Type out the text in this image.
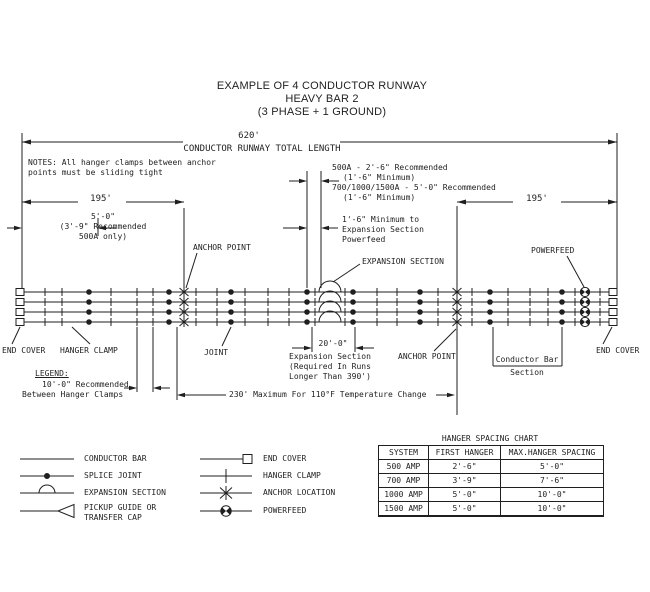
EXAMPLE OF 4 CONDUCTOR RUNWAY
HEAVY BAR 2
(3 PHASE + 1 GROUND)
620'
CONDUCTOR RUNWAY TOTAL LENGTH
NOTES: All hanger clamps between anchor
points must be sliding tight
195'	195'
5'-0"
(3'-9" Recommended
500A only)
500A - 2'-6" Recommended
(1'-6" Minimum)
700/1000/1500A - 5'-0" Recommended
(1'-6" Minimum)
1'-6" Minimum to
Expansion Section
Powerfeed
ANCHOR POINT
EXPANSION SECTION
POWERFEED
END COVER HANGER CLAMP	JOINT	ANCHOR POINT
END COVER
20'-0"
Expansion Section
(Required In Runs
Longer Than 390')
Conductor Bar
Section
LEGEND:
10'-0" Recommended
Between Hanger Clamps	230' Maximum For 110°F Temperature Change
CONDUCTOR BAR
SPLICE JOINT
EXPANSION SECTION
PICKUP GUIDE OR
TRANSFER CAP
END COVER
HANGER CLAMP
ANCHOR LOCATION
POWERFEED
HANGER SPACING CHART
SYSTEM	FIRST HANGER	MAX.HANGER SPACING
500 AMP	2'-6"	5'-0"
700 AMP	3'-9"	7'-6"
1000 AMP	5'-0"	10'-0"
1500 AMP	5'-0"	10'-0"
